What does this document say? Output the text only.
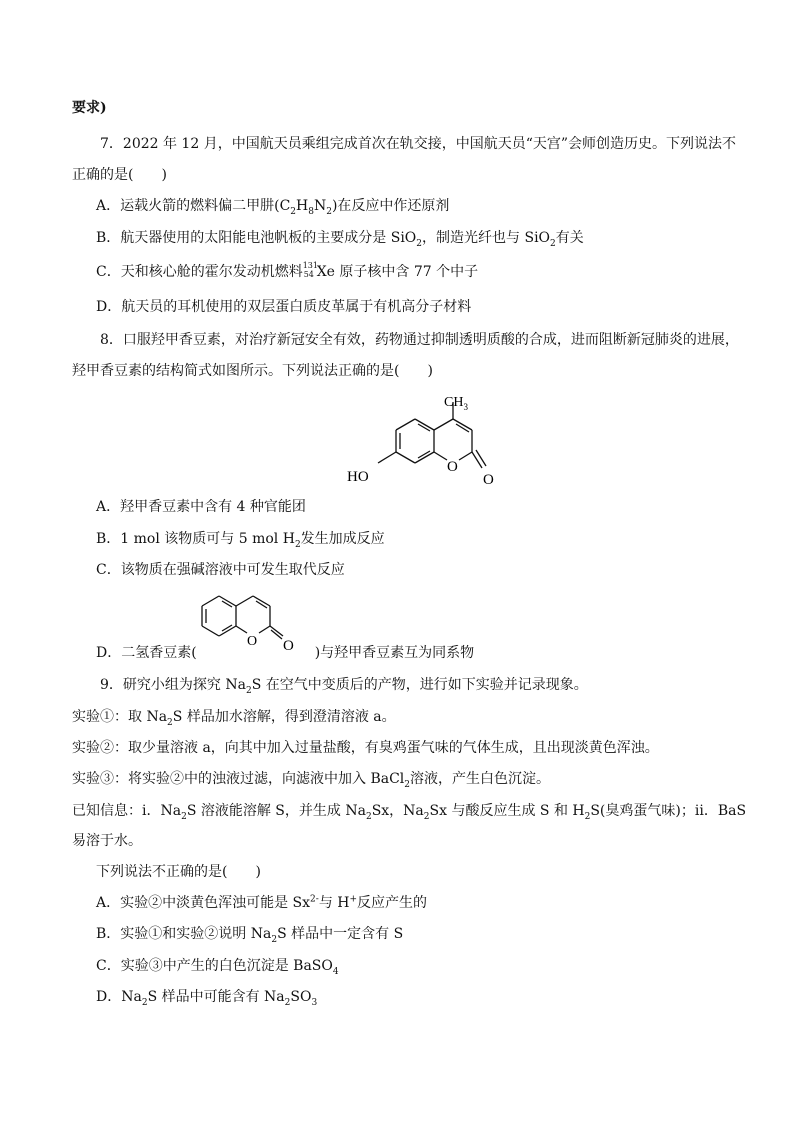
要求)
7．2022 年 12 月，中国航天员乘组完成首次在轨交接，中国航天员“天宫”会师创造历史。下列说法不
正确的是(　　)
A．运载火箭的燃料偏二甲肼$(C_2H_8N_2)$在反应中作还原剂
B．航天器使用的太阳能电池帆板的主要成分是 SiO$_2$，制造光纤也与 SiO$_2$有关
C．天和核心舱的霍尔发动机燃料 131
54 Xe 原子核中含 77 个中子
D．航天员的耳机使用的双层蛋白质皮革属于有机高分子材料
8．口服羟甲香豆素，对治疗新冠安全有效，药物通过抑制透明质酸的合成，进而阻断新冠肺炎的进展，
羟甲香豆素的结构简式如图所示。下列说法正确的是(　　)
$CH_3$
HO
O
O
A．羟甲香豆素中含有 4 种官能团
B．1 mol 该物质可与 5 mol $H_2$发生加成反应
C．该物质在强碱溶液中可发生取代反应
O O
D．二氢香豆素(	)与羟甲香豆素互为同系物
9．研究小组为探究 $Na_2S$ 在空气中变质后的产物，进行如下实验并记录现象。
实验①：取 $Na_2S$ 样品加水溶解，得到澄清溶液 a。
实验②：取少量溶液 a，向其中加入过量盐酸，有臭鸡蛋气味的气体生成，且出现淡黄色浑浊。
实验③：将实验②中的浊液过滤，向滤液中加入 BaCl$_2$溶液，产生白色沉淀。
已知信息：i．$Na_2S$ 溶液能溶解 S，并生成 $Na_2Sx$，$Na_2Sx$ 与酸反应生成 S 和 $H_2S$(臭鸡蛋气味)；ii．BaS
易溶于水。
下列说法不正确的是(　　)
A．实验②中淡黄色浑浊可能是 $Sx^{2-}$与 H+反应产生的
B．实验①和实验②说明 $Na_2S$ 样品中一定含有 S
C．实验③中产生的白色沉淀是 BaSO$_4$
D．$Na_2S$ 样品中可能含有 $Na_2SO_3$
